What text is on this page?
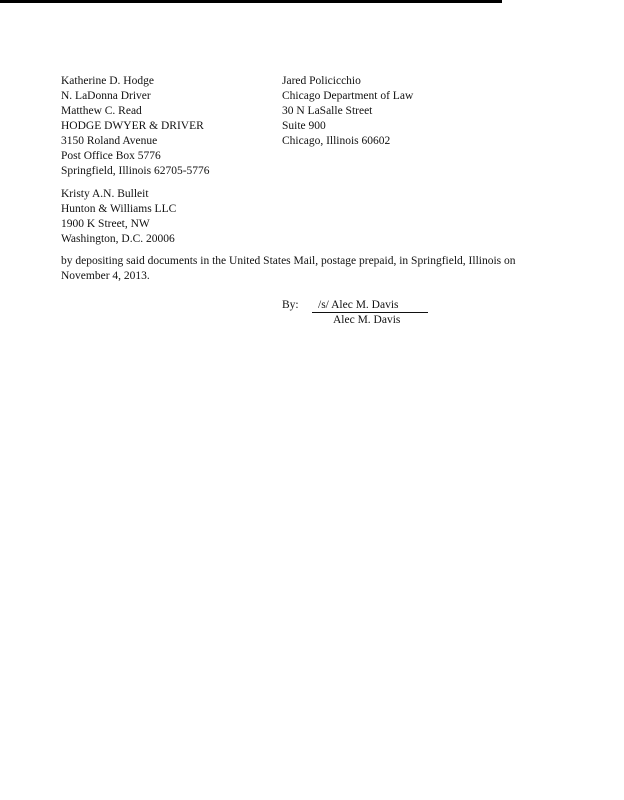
Katherine D. Hodge
N. LaDonna Driver
Matthew C. Read
HODGE DWYER & DRIVER
3150 Roland Avenue
Post Office Box 5776
Springfield, Illinois 62705-5776
Jared Policicchio
Chicago Department of Law
30 N LaSalle Street
Suite 900
Chicago, Illinois 60602
Kristy A.N. Bulleit
Hunton & Williams LLC
1900 K Street, NW
Washington, D.C. 20006
by depositing said documents in the United States Mail, postage prepaid, in Springfield, Illinois on November 4, 2013.
By: /s/ Alec M. Davis
Alec M. Davis
